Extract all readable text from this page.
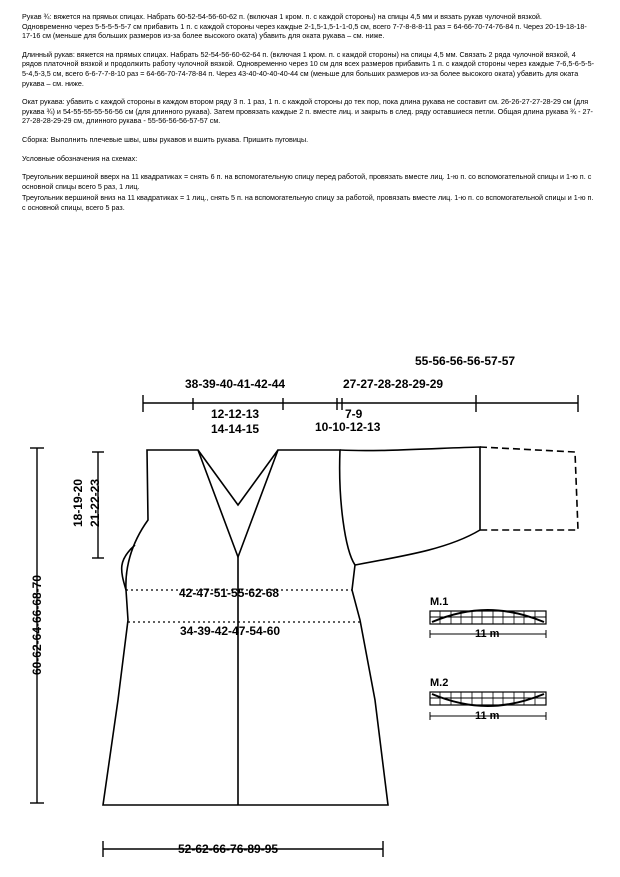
Рукав ¾: вяжется на прямых спицах. Набрать 60-52-54-56-60-62 п. (включая 1 кром. п. с каждой стороны) на спицы 4,5 мм и вязать рукав чулочной вязкой. Одновременно через 5-5-5-5-5-7 см прибавить 1 п. с каждой стороны через каждые 2-1,5-1,5-1-1-0,5 см, всего 7-7-8-8-8-11 раз = 64-66-70-74-76-84 п. Через 20-19-18-18-17-16 см (меньше для больших размеров из-за более высокого оката) убавить для оката рукава – см. ниже.

Длинный рукав: вяжется на прямых спицах. Набрать 52-54-56-60-62-64 п. (включая 1 кром. п. с каждой стороны) на спицы 4,5 мм. Связать 2 ряда чулочной вязкой, 4 рядов платочной вязкой и продолжить работу чулочной вязкой. Одновременно через 10 см для всех размеров прибавить 1 п. с каждой стороны через каждые 7-6,5-6-5-5-5-4,5-3,5 см, всего 6-6-7-7-8-10 раз = 64-66-70-74-78-84 п. Через 43-40-40-40-40-44 см (меньше для больших размеров из-за более высокого оката) убавить для оката рукава – см. ниже.

Окат рукава: убавить с каждой стороны в каждом втором ряду 3 п. 1 раз, 1 п. с каждой стороны до тех пор, пока длина рукава не составит см. 26-26-27-27-28-29 см (для рукава ¾) и 54-55-55-55-56-56 см (для длинного рукава). Затем провязать каждые 2 п. вместе лиц. и закрыть в след. ряду оставшиеся петли. Общая длина рукава ¾ - 27-27-28-28-29-29 см, длинного рукава - 55-56-56-56-57-57 см.

Сборка: Выполнить плечевые швы, швы рукавов и вшить рукава. Пришить пуговицы.

Условные обозначения на схемах:

Треугольник вершиной вверх на 11 квадратиках = снять 6 п. на вспомогательную спицу перед работой, провязать вместе лиц. 1-ю п. со вспомогательной спицы и 1-ю п. с основной спицы всего 5 раз, 1 лиц.

Треугольник вершиной вниз на 11 квадратиках = 1 лиц., снять 5 п. на вспомогательную спицу за работой, провязать вместе лиц. 1-ю п. со вспомогательной спицы и 1-ю п. с основной спицы, всего 5 раз.

55-56-56-56-57-57
38-39-40-41-42-44	27-27-28-28-29-29
12-12-13
14-14-15
7-9
10-10-12-13
18-19-20 21-22-23
60-62-64-66-68-70	42-47-51-55-62-68
34-39-42-47-54-60
52-62-66-76-89-95
M.1
11 m
M.2
11 m
